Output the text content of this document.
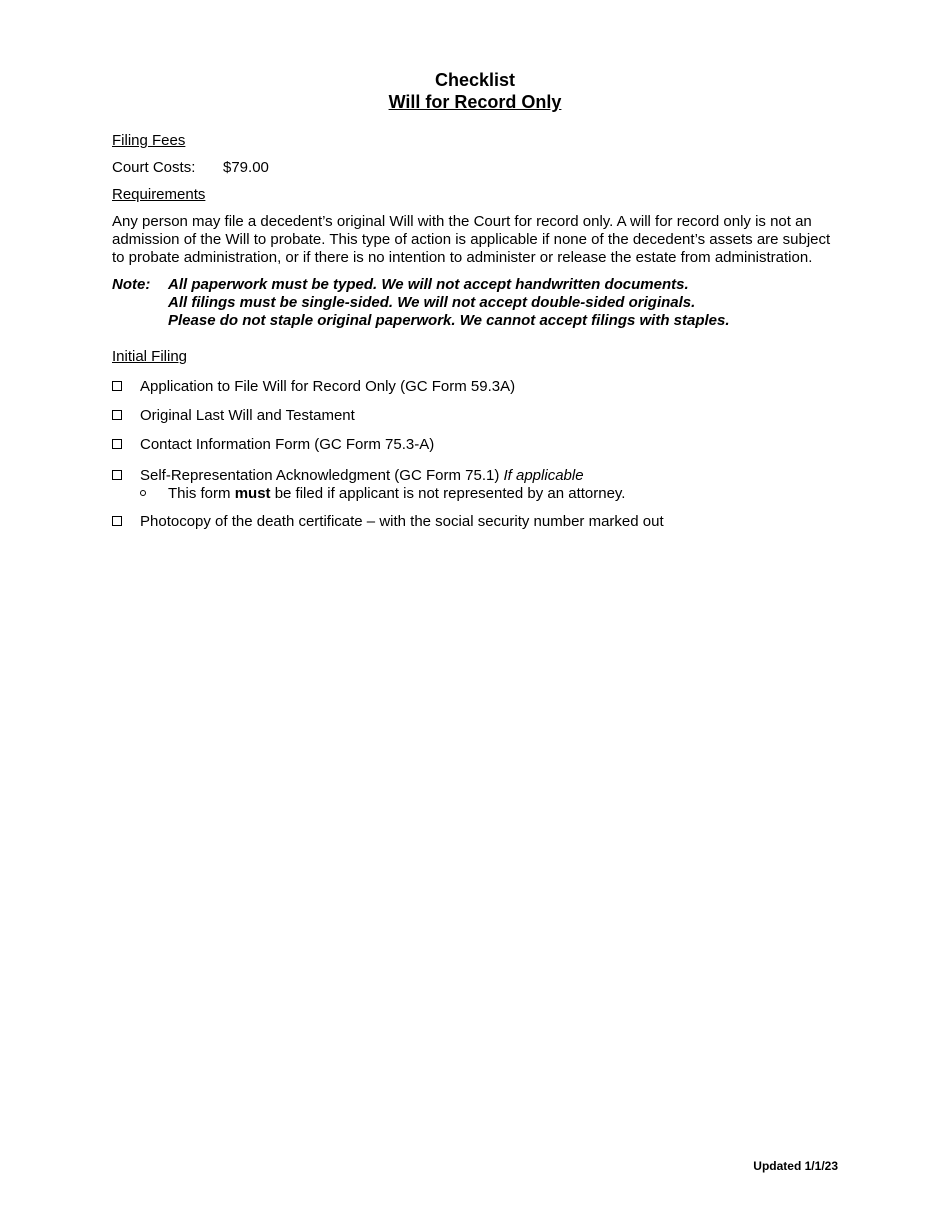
Checklist
Will for Record Only
Filing Fees
Court Costs: $79.00
Requirements
Any person may file a decedent’s original Will with the Court for record only. A will for record only is not an
admission of the Will to probate. This type of action is applicable if none of the decedent’s assets are subject
to probate administration, or if there is no intention to administer or release the estate from administration.
Note: All paperwork must be typed. We will not accept handwritten documents.
All filings must be single-sided. We will not accept double-sided originals.
Please do not staple original paperwork. We cannot accept filings with staples.
Initial Filing
Application to File Will for Record Only (GC Form 59.3A)
Original Last Will and Testament
Contact Information Form (GC Form 75.3-A)
Self-Representation Acknowledgment (GC Form 75.1) If applicable
This form must be filed if applicant is not represented by an attorney.
Photocopy of the death certificate – with the social security number marked out
Updated 1/1/23
